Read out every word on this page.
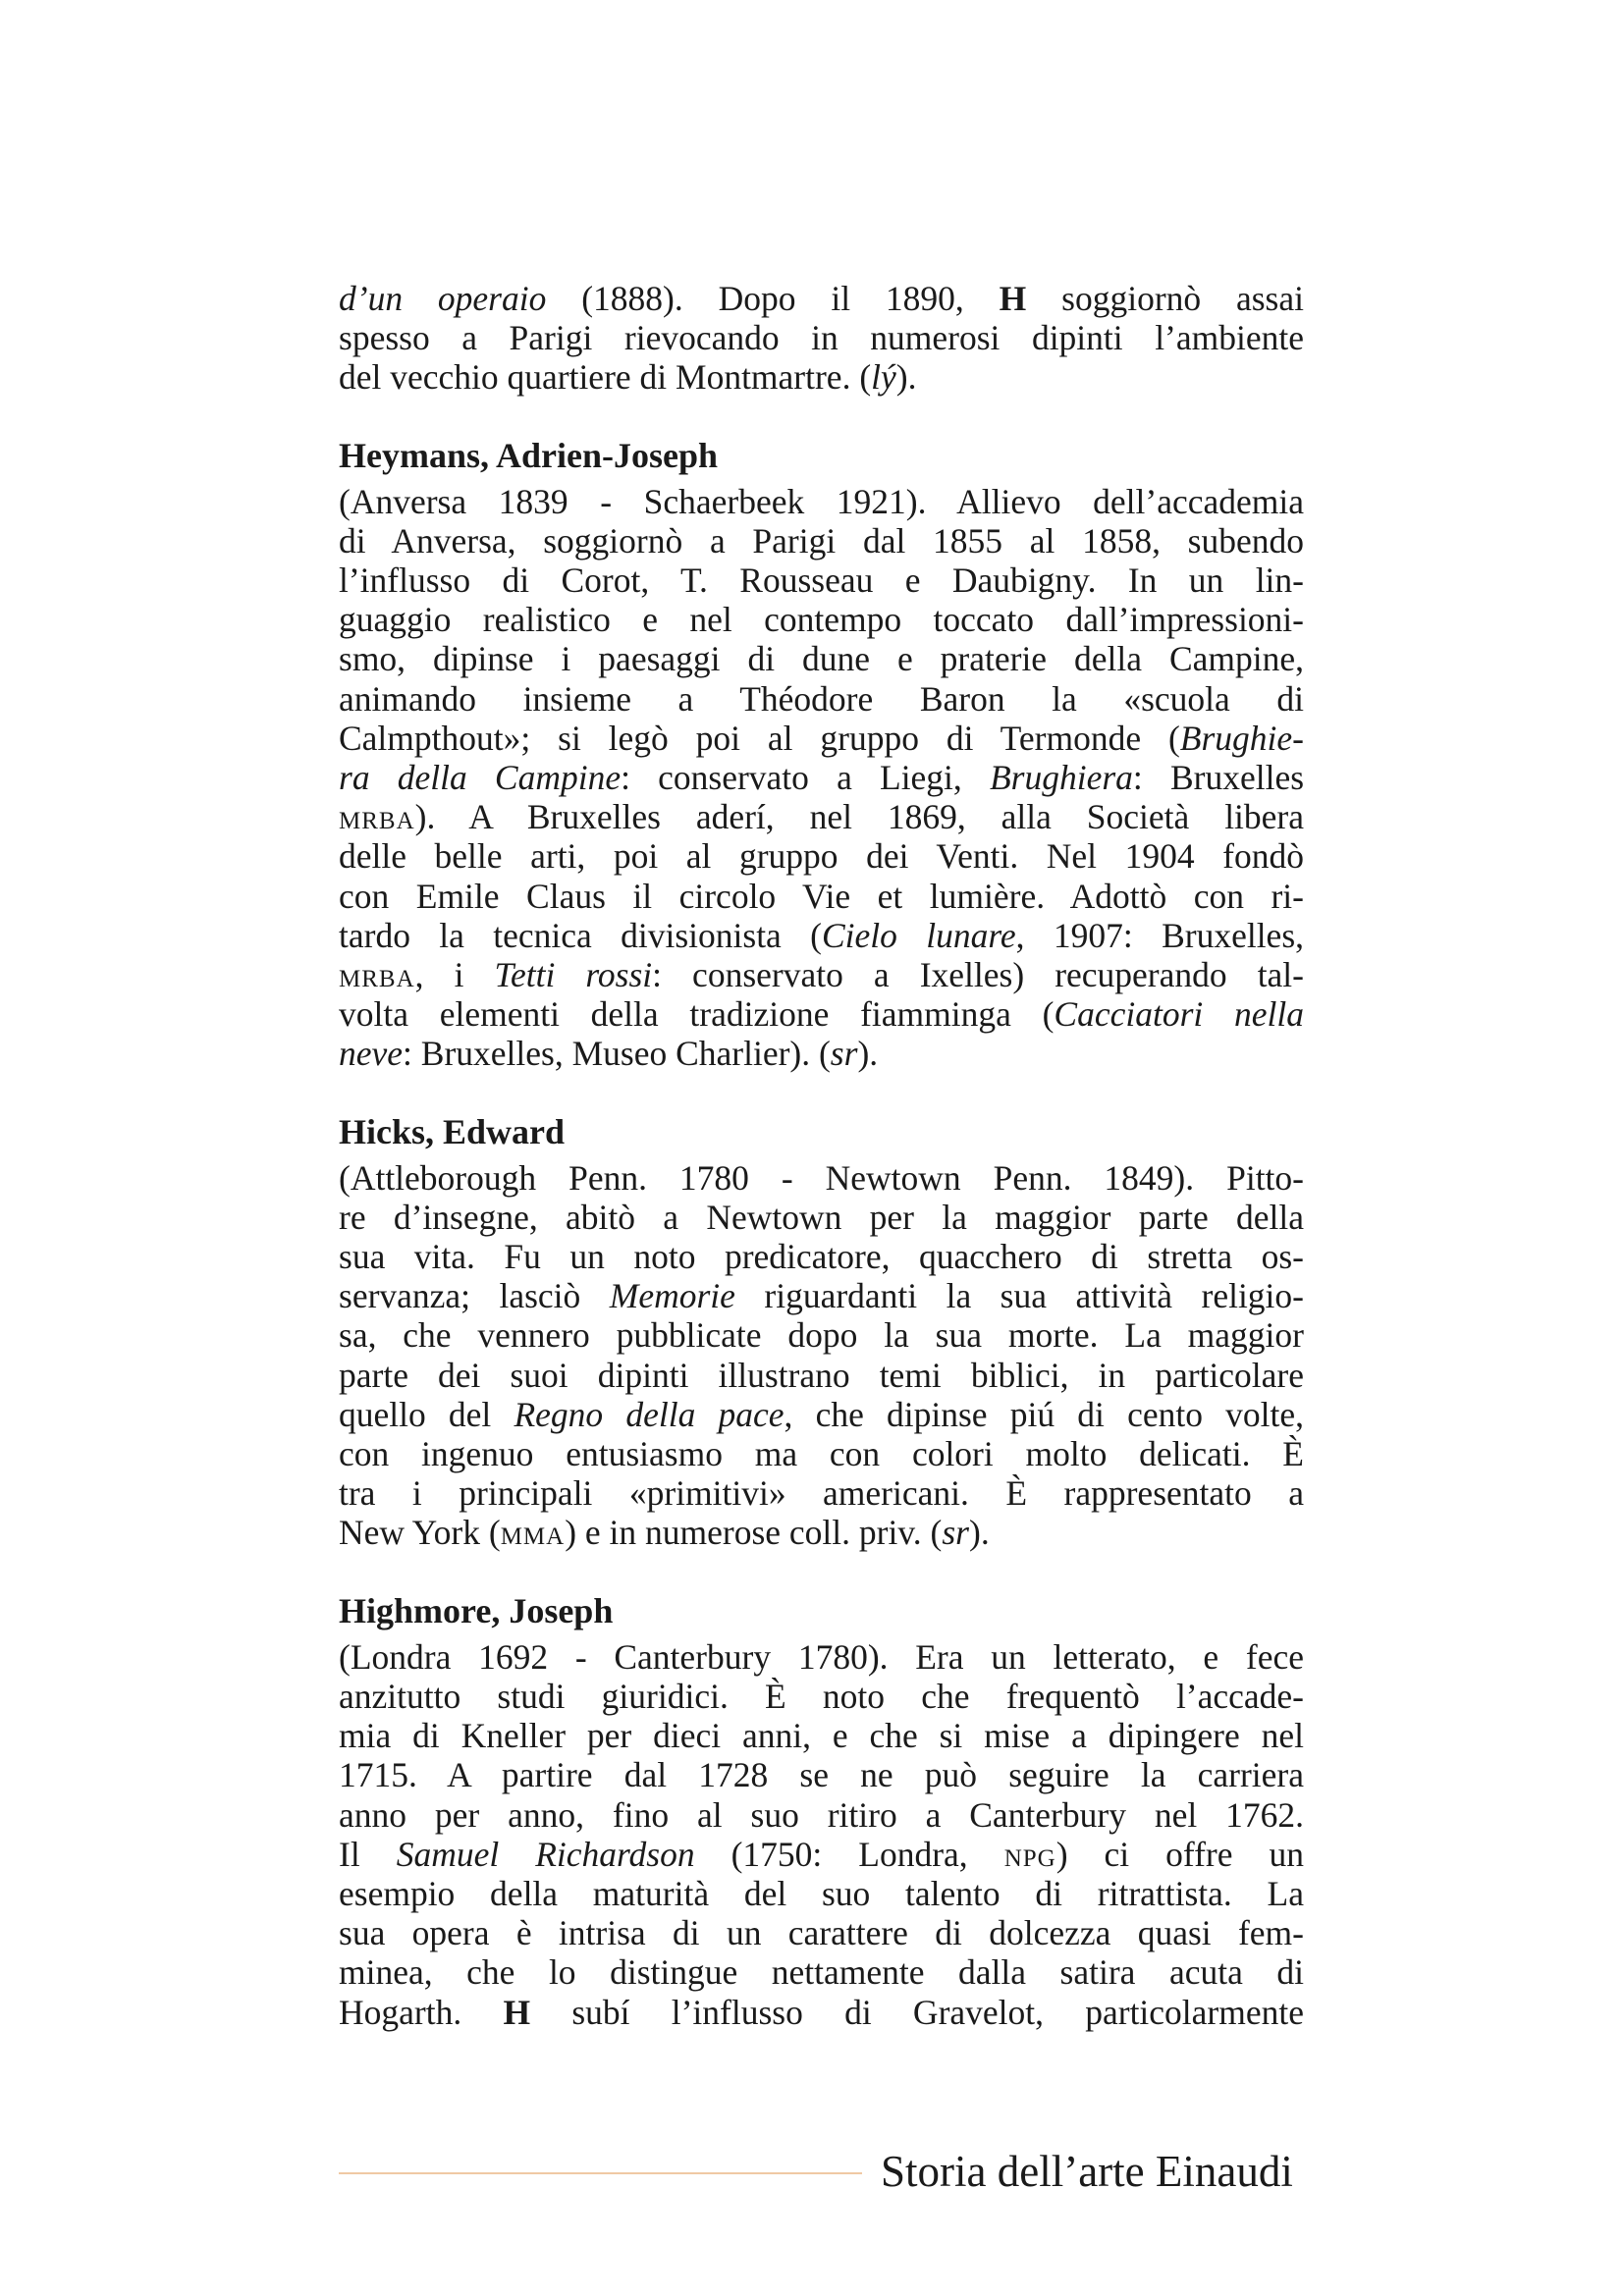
d’un operaio (1888). Dopo il 1890, H soggiornò assai
spesso a Parigi rievocando in numerosi dipinti l’ambiente
del vecchio quartiere di Montmartre. (lý).
Heymans, Adrien-Joseph
(Anversa 1839 - Schaerbeek 1921). Allievo dell’accademia
di Anversa, soggiornò a Parigi dal 1855 al 1858, subendo
l’influsso di Corot, T. Rousseau e Daubigny. In un lin-
guaggio realistico e nel contempo toccato dall’impressioni-
smo, dipinse i paesaggi di dune e praterie della Campine,
animando insieme a Théodore Baron la «scuola di
Calmpthout»; si legò poi al gruppo di Termonde (Brughie-
ra della Campine: conservato a Liegi, Brughiera: Bruxelles
mrba). A Bruxelles aderí, nel 1869, alla Società libera
delle belle arti, poi al gruppo dei Venti. Nel 1904 fondò
con Emile Claus il circolo Vie et lumière. Adottò con ri-
tardo la tecnica divisionista (Cielo lunare, 1907: Bruxelles,
mrba, i Tetti rossi: conservato a Ixelles) recuperando tal-
volta elementi della tradizione fiamminga (Cacciatori nella
neve: Bruxelles, Museo Charlier). (sr).
Hicks, Edward
(Attleborough Penn. 1780 - Newtown Penn. 1849). Pitto-
re d’insegne, abitò a Newtown per la maggior parte della
sua vita. Fu un noto predicatore, quacchero di stretta os-
servanza; lasciò Memorie riguardanti la sua attività religio-
sa, che vennero pubblicate dopo la sua morte. La maggior
parte dei suoi dipinti illustrano temi biblici, in particolare
quello del Regno della pace, che dipinse piú di cento volte,
con ingenuo entusiasmo ma con colori molto delicati. È
tra i principali «primitivi» americani. È rappresentato a
New York (mma) e in numerose coll. priv. (sr).
Highmore, Joseph
(Londra 1692 - Canterbury 1780). Era un letterato, e fece
anzitutto studi giuridici. È noto che frequentò l’accade-
mia di Kneller per dieci anni, e che si mise a dipingere nel
1715. A partire dal 1728 se ne può seguire la carriera
anno per anno, fino al suo ritiro a Canterbury nel 1762.
Il Samuel Richardson (1750: Londra, npg) ci offre un
esempio della maturità del suo talento di ritrattista. La
sua opera è intrisa di un carattere di dolcezza quasi fem-
minea, che lo distingue nettamente dalla satira acuta di
Hogarth. H subí l’influsso di Gravelot, particolarmente
Storia dell’arte Einaudi
